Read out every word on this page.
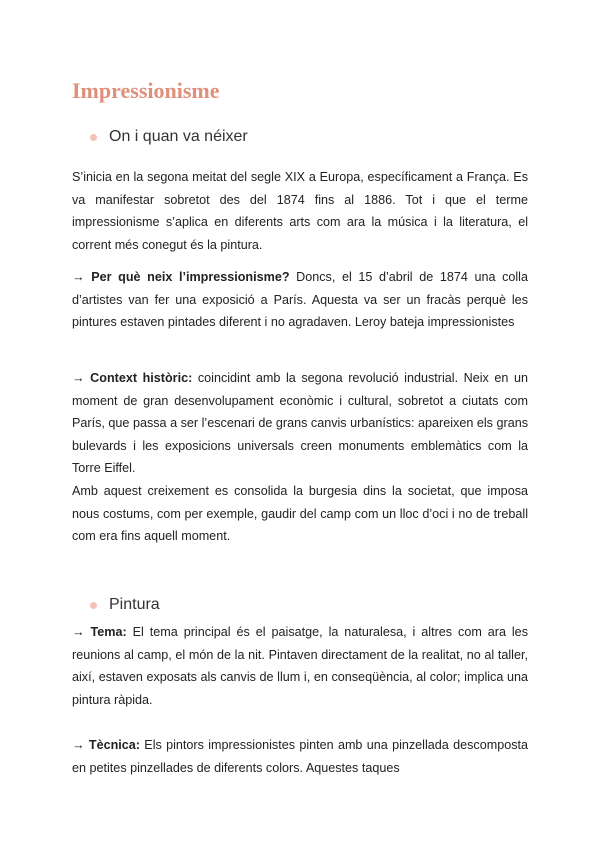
Impressionisme
On i quan va néixer

S’inicia en la segona meitat del segle XIX a Europa, específicament a França. Es va manifestar sobretot des del 1874 fins al 1886. Tot i que el terme impressionisme s’aplica en diferents arts com ara la música i la literatura, el corrent més conegut és la pintura.

→ Per què neix l’impressionisme? Doncs, el 15 d’abril de 1874 una colla d’artistes van fer una exposició a París. Aquesta va ser un fracàs perquè les pintures estaven pintades diferent i no agradaven. Leroy bateja impressionistes

→ Context històric: coincidint amb la segona revolució industrial. Neix en un moment de gran desenvolupament econòmic i cultural, sobretot a ciutats com París, que passa a ser l’escenari de grans canvis urbanístics: apareixen els grans bulevards i les exposicions universals creen monuments emblemàtics com la Torre Eiffel.

Amb aquest creixement es consolida la burgesia dins la societat, que imposa nous costums, com per exemple, gaudir del camp com un lloc d’oci i no de treball com era fins aquell moment.

Pintura

→ Tema: El tema principal és el paisatge, la naturalesa, i altres com ara les reunions al camp, el món de la nit. Pintaven directament de la realitat, no al taller, així, estaven exposats als canvis de llum i, en conseqüència, al color; implica una pintura ràpida.

→ Tècnica: Els pintors impressionistes pinten amb una pinzellada descomposta en petites pinzellades de diferents colors. Aquestes taques
